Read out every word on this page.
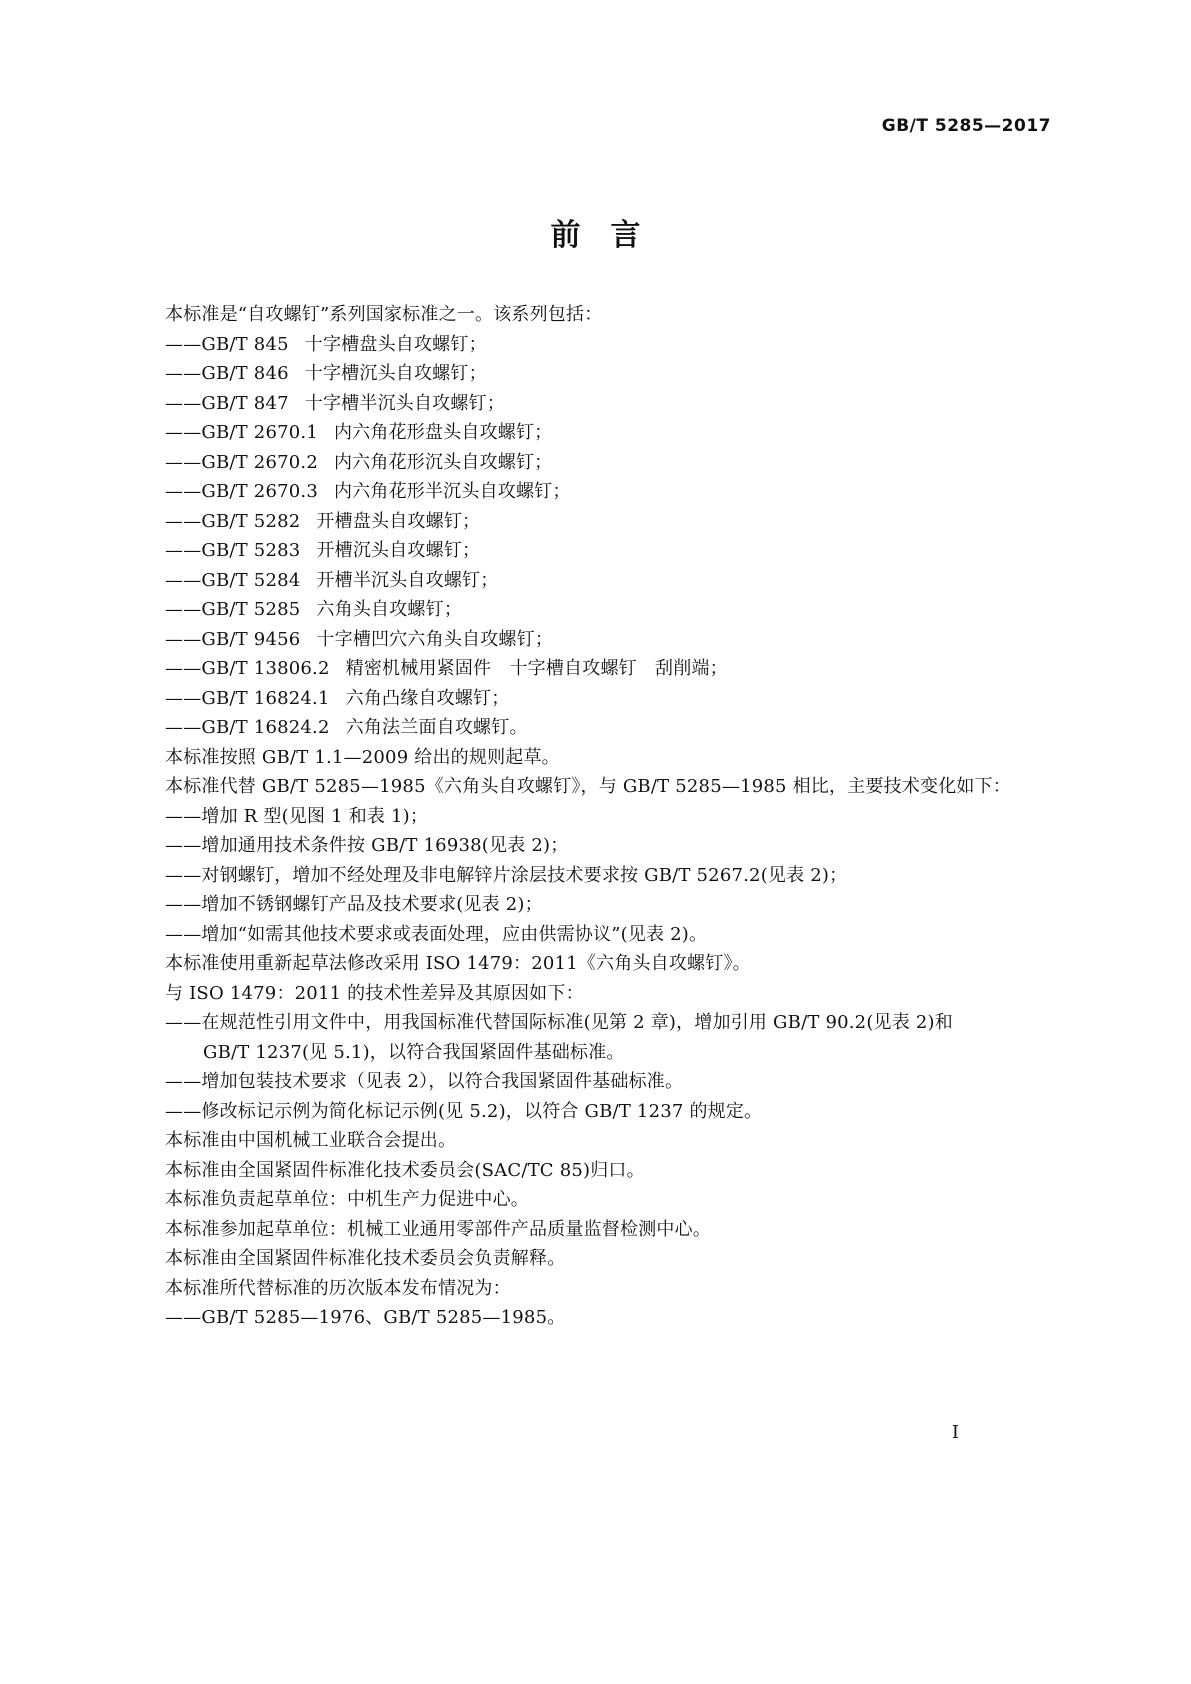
GB/T 5285—2017
前　言
本标准是“自攻螺钉”系列国家标准之一。该系列包括：
——GB/T 845 十字槽盘头自攻螺钉；
——GB/T 846 十字槽沉头自攻螺钉；
——GB/T 847 十字槽半沉头自攻螺钉；
——GB/T 2670.1 内六角花形盘头自攻螺钉；
——GB/T 2670.2 内六角花形沉头自攻螺钉；
——GB/T 2670.3 内六角花形半沉头自攻螺钉；
——GB/T 5282 开槽盘头自攻螺钉；
——GB/T 5283 开槽沉头自攻螺钉；
——GB/T 5284 开槽半沉头自攻螺钉；
——GB/T 5285 六角头自攻螺钉；
——GB/T 9456 十字槽凹穴六角头自攻螺钉；
——GB/T 13806.2 精密机械用紧固件　十字槽自攻螺钉　刮削端；
——GB/T 16824.1 六角凸缘自攻螺钉；
——GB/T 16824.2 六角法兰面自攻螺钉。
本标准按照 GB/T 1.1—2009 给出的规则起草。
本标准代替 GB/T 5285—1985《六角头自攻螺钉》，与 GB/T 5285—1985 相比，主要技术变化如下：
——增加 R 型(见图 1 和表 1)；
——增加通用技术条件按 GB/T 16938(见表 2)；
——对钢螺钉，增加不经处理及非电解锌片涂层技术要求按 GB/T 5267.2(见表 2)；
——增加不锈钢螺钉产品及技术要求(见表 2)；
——增加“如需其他技术要求或表面处理，应由供需协议”(见表 2)。
本标准使用重新起草法修改采用 ISO 1479：2011《六角头自攻螺钉》。
与 ISO 1479：2011 的技术性差异及其原因如下：
——在规范性引用文件中，用我国标准代替国际标准(见第 2 章)，增加引用 GB/T 90.2(见表 2)和
GB/T 1237(见 5.1)，以符合我国紧固件基础标准。
——增加包装技术要求（见表 2），以符合我国紧固件基础标准。
——修改标记示例为简化标记示例(见 5.2)，以符合 GB/T 1237 的规定。
本标准由中国机械工业联合会提出。
本标准由全国紧固件标准化技术委员会(SAC/TC 85)归口。
本标准负责起草单位：中机生产力促进中心。
本标准参加起草单位：机械工业通用零部件产品质量监督检测中心。
本标准由全国紧固件标准化技术委员会负责解释。
本标准所代替标准的历次版本发布情况为：
——GB/T 5285—1976、GB/T 5285—1985。
I
